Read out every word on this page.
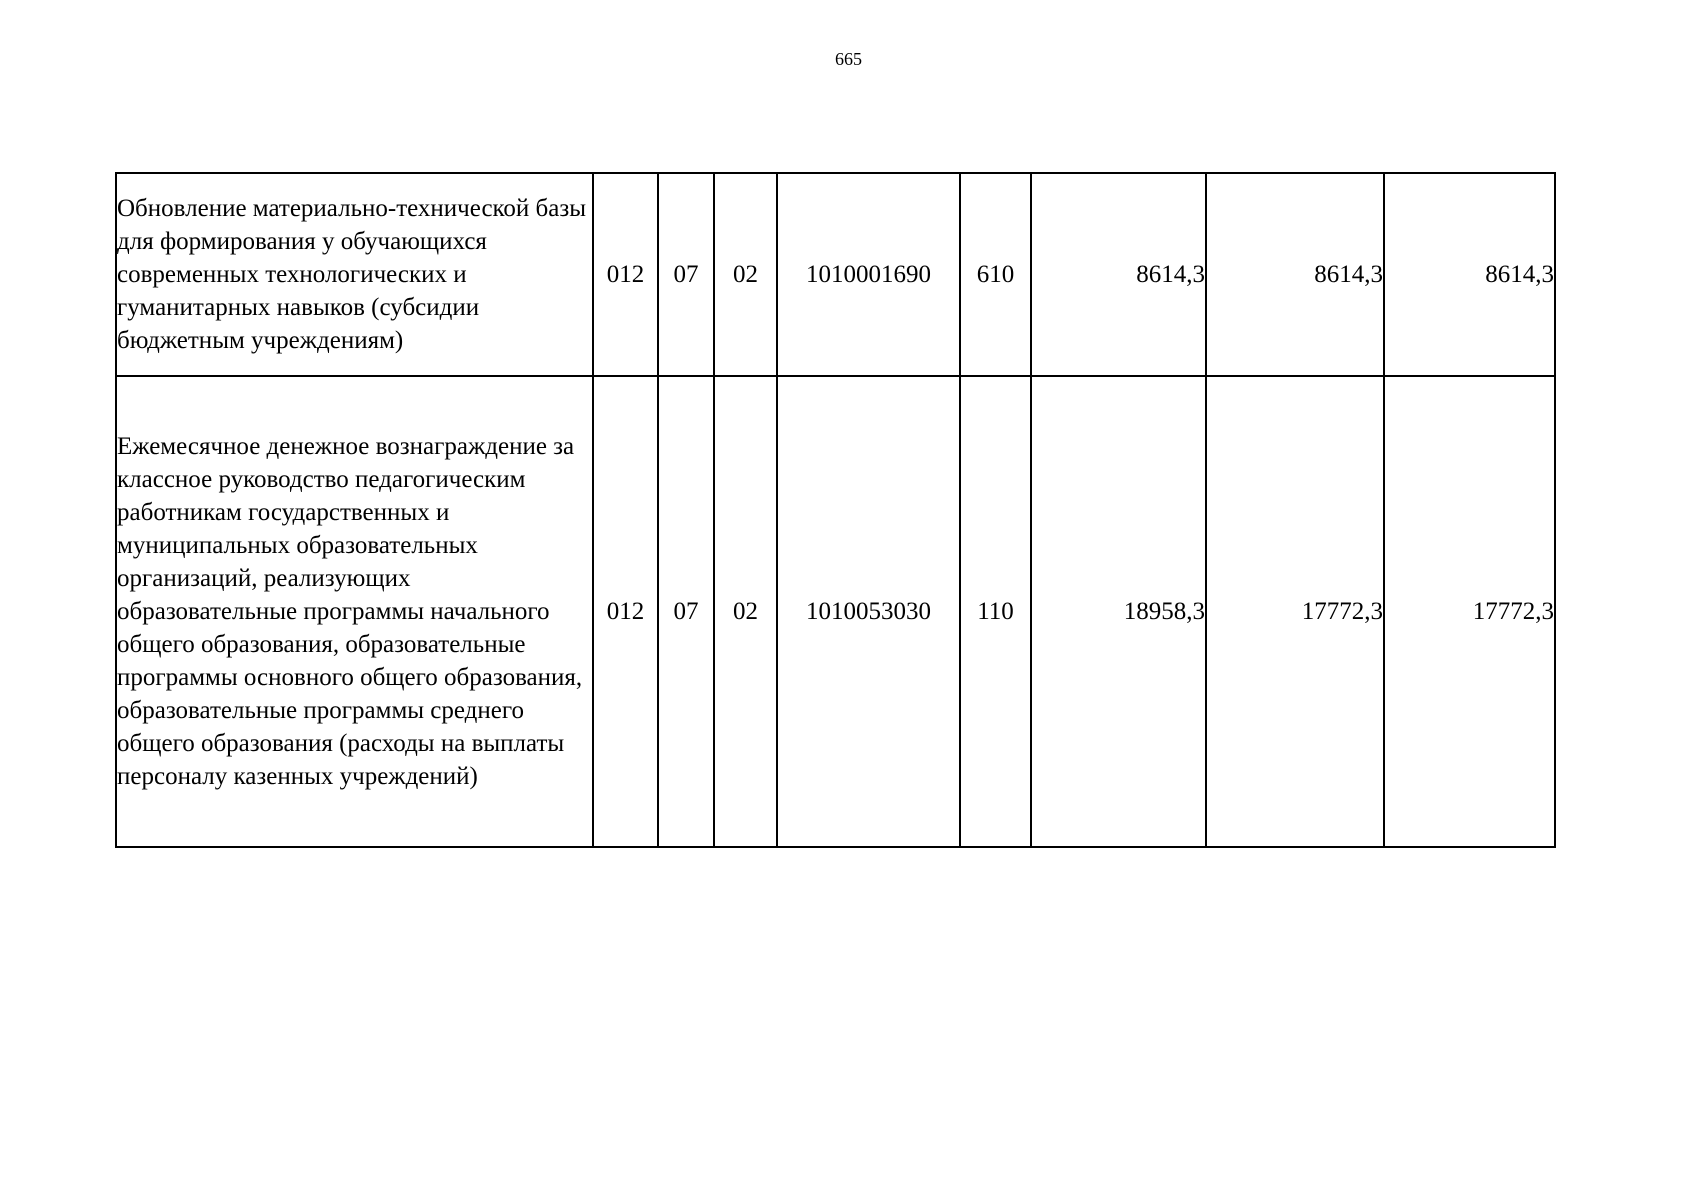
665
Обновление материально-технической базы для формирования у обучающихся современных технологических и гуманитарных навыков (субсидии бюджетным учреждениям)	012	07	02	1010001690	610	8614,3	8614,3	8614,3
Ежемесячное денежное вознаграждение за классное руководство педагогическим работникам государственных и муниципальных образовательных организаций, реализующих образовательные программы начального общего образования, образовательные программы основного общего образования, образовательные программы среднего общего образования (расходы на выплаты персоналу казенных учреждений)	012	07	02	1010053030	110	18958,3	17772,3	17772,3
